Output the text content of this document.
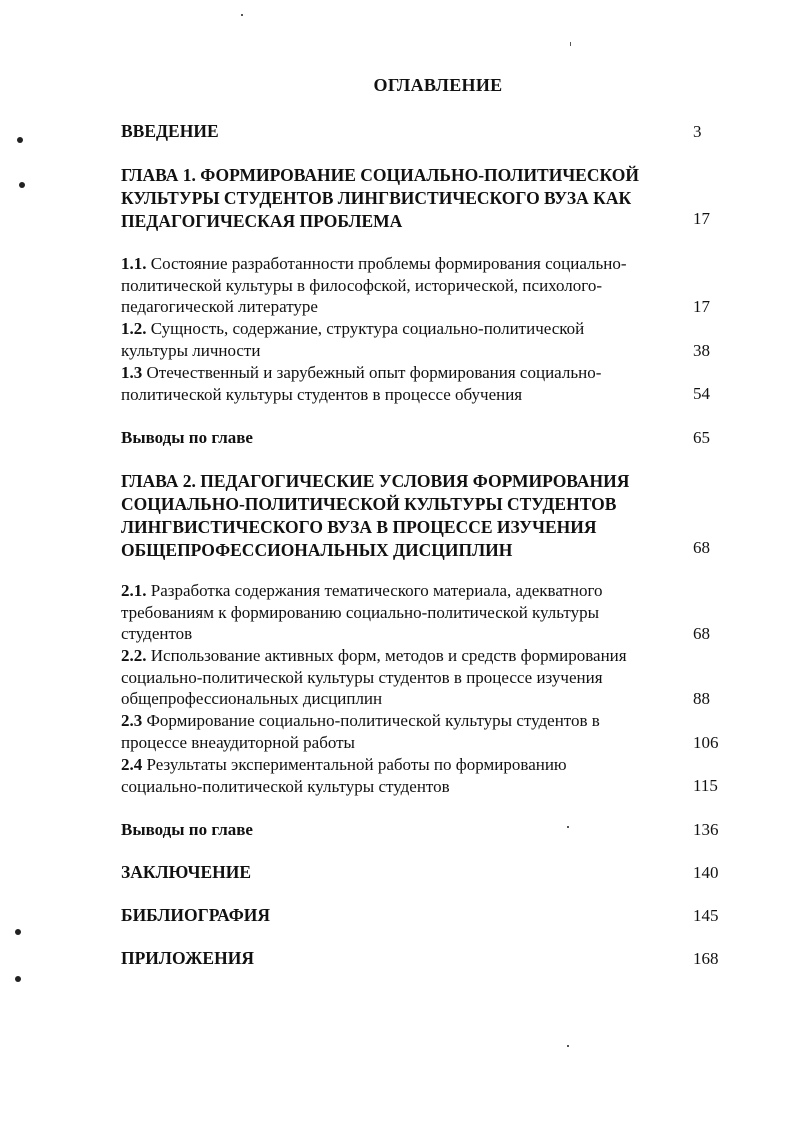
ОГЛАВЛЕНИЕ
ВВЕДЕНИЕ	3
ГЛАВА 1. ФОРМИРОВАНИЕ СОЦИАЛЬНО-ПОЛИТИЧЕСКОЙ
КУЛЬТУРЫ СТУДЕНТОВ ЛИНГВИСТИЧЕСКОГО ВУЗА КАК
ПЕДАГОГИЧЕСКАЯ ПРОБЛЕМА	17
1.1. Состояние разработанности проблемы формирования социально-
политической культуры в философской, исторической, психолого-
педагогической литературе	17
1.2. Сущность, содержание, структура социально-политической
культуры личности	38
1.3 Отечественный и зарубежный опыт формирования социально-
политической культуры студентов в процессе обучения	54
Выводы по главе	65
ГЛАВА 2. ПЕДАГОГИЧЕСКИЕ УСЛОВИЯ ФОРМИРОВАНИЯ
СОЦИАЛЬНО-ПОЛИТИЧЕСКОЙ КУЛЬТУРЫ СТУДЕНТОВ
ЛИНГВИСТИЧЕСКОГО ВУЗА В ПРОЦЕССЕ ИЗУЧЕНИЯ
ОБЩЕПРОФЕССИОНАЛЬНЫХ ДИСЦИПЛИН	68
2.1. Разработка содержания тематического материала, адекватного
требованиям к формированию социально-политической культуры
студентов	68
2.2. Использование активных форм, методов и средств формирования
социально-политической культуры студентов в процессе изучения
общепрофессиональных дисциплин	88
2.3 Формирование социально-политической культуры студентов в
процессе внеаудиторной работы	106
2.4 Результаты экспериментальной работы по формированию
социально-политической культуры студентов	115
Выводы по главе	136
ЗАКЛЮЧЕНИЕ	140
БИБЛИОГРАФИЯ	145
ПРИЛОЖЕНИЯ	168
